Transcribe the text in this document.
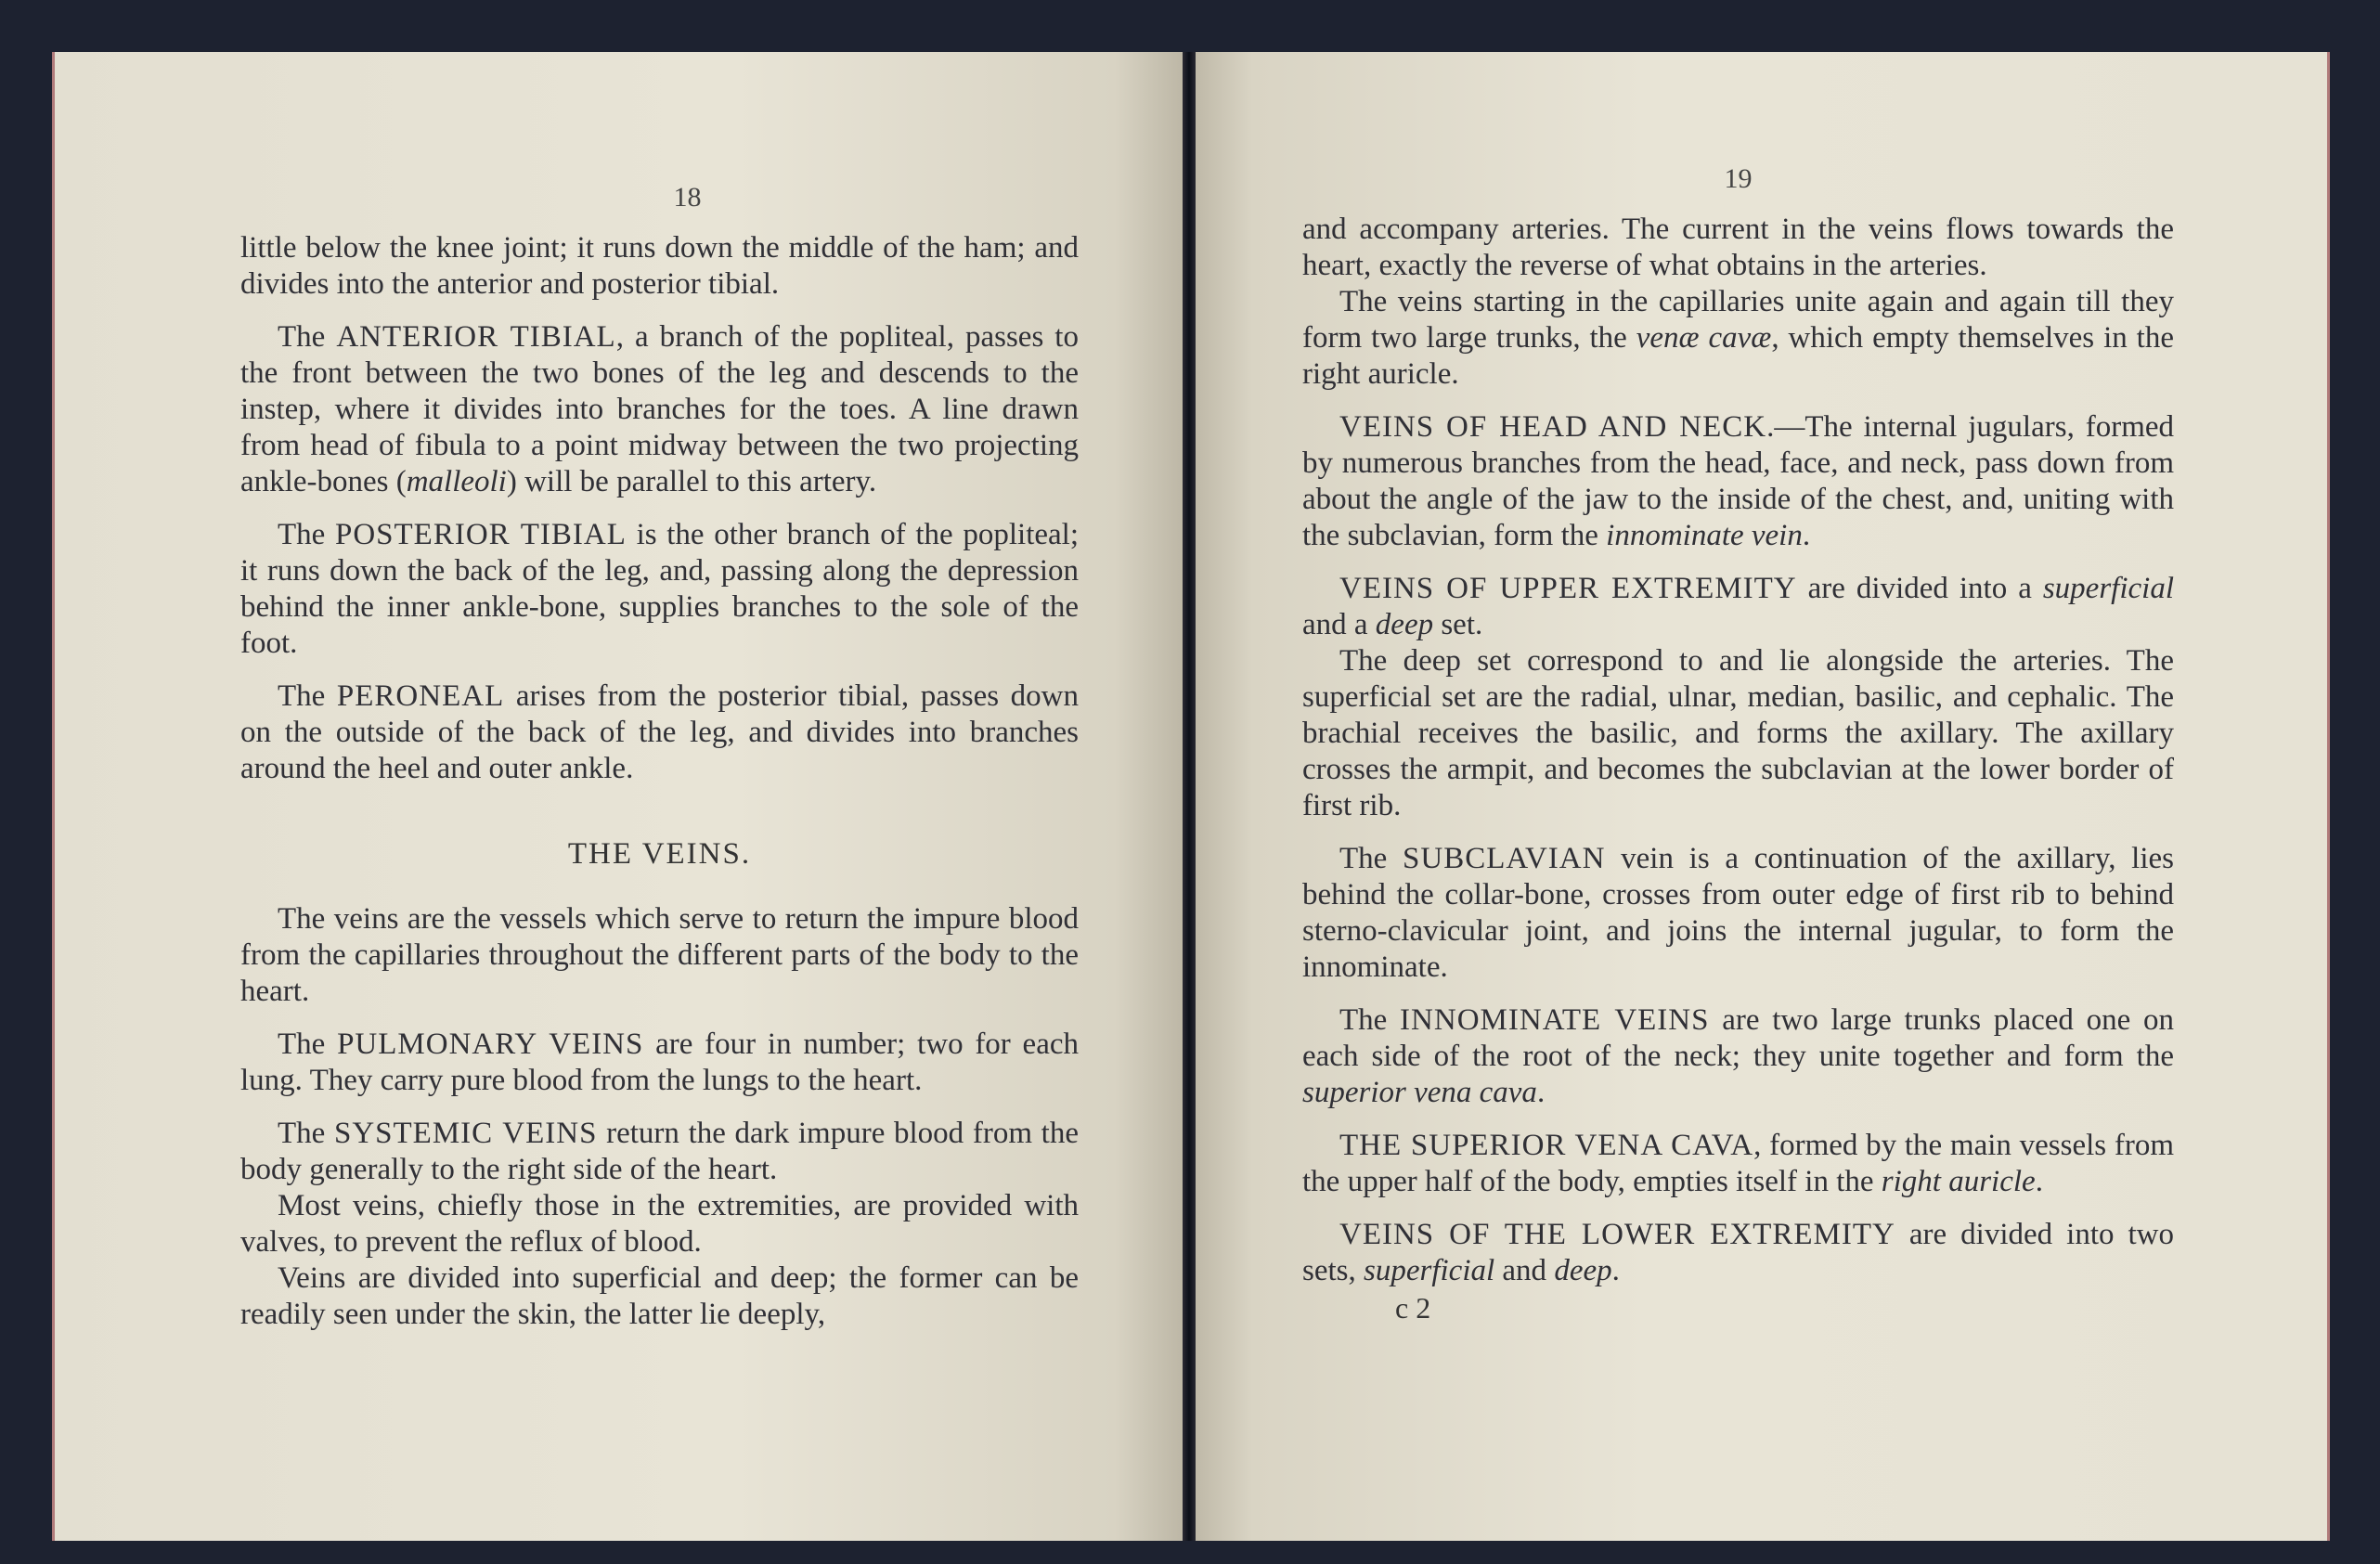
18

little below the knee joint; it runs down the middle of the ham; and divides into the anterior and posterior tibial.

The ANTERIOR TIBIAL, a branch of the popliteal, passes to the front between the two bones of the leg and descends to the instep, where it divides into branches for the toes. A line drawn from head of fibula to a point midway between the two projecting ankle-bones (malleoli) will be parallel to this artery.

The POSTERIOR TIBIAL is the other branch of the popliteal; it runs down the back of the leg, and, passing along the depression behind the inner ankle-bone, supplies branches to the sole of the foot.

The PERONEAL arises from the posterior tibial, passes down on the outside of the back of the leg, and divides into branches around the heel and outer ankle.

THE VEINS.

The veins are the vessels which serve to return the impure blood from the capillaries throughout the different parts of the body to the heart.

The PULMONARY VEINS are four in number; two for each lung. They carry pure blood from the lungs to the heart.

The SYSTEMIC VEINS return the dark impure blood from the body generally to the right side of the heart.

Most veins, chiefly those in the extremities, are provided with valves, to prevent the reflux of blood.

Veins are divided into superficial and deep; the former can be readily seen under the skin, the latter lie deeply,

19

and accompany arteries. The current in the veins flows towards the heart, exactly the reverse of what obtains in the arteries.

The veins starting in the capillaries unite again and again till they form two large trunks, the venæ cavæ, which empty themselves in the right auricle.

VEINS OF HEAD AND NECK.—The internal jugulars, formed by numerous branches from the head, face, and neck, pass down from about the angle of the jaw to the inside of the chest, and, uniting with the subclavian, form the innominate vein.

VEINS OF UPPER EXTREMITY are divided into a superficial and a deep set.

The deep set correspond to and lie alongside the arteries. The superficial set are the radial, ulnar, median, basilic, and cephalic. The brachial receives the basilic, and forms the axillary. The axillary crosses the armpit, and becomes the subclavian at the lower border of first rib.

The SUBCLAVIAN vein is a continuation of the axillary, lies behind the collar-bone, crosses from outer edge of first rib to behind sterno-clavicular joint, and joins the internal jugular, to form the innominate.

The INNOMINATE VEINS are two large trunks placed one on each side of the root of the neck; they unite together and form the superior vena cava.

THE SUPERIOR VENA CAVA, formed by the main vessels from the upper half of the body, empties itself in the right auricle.

VEINS OF THE LOWER EXTREMITY are divided into two sets, superficial and deep.

c 2
